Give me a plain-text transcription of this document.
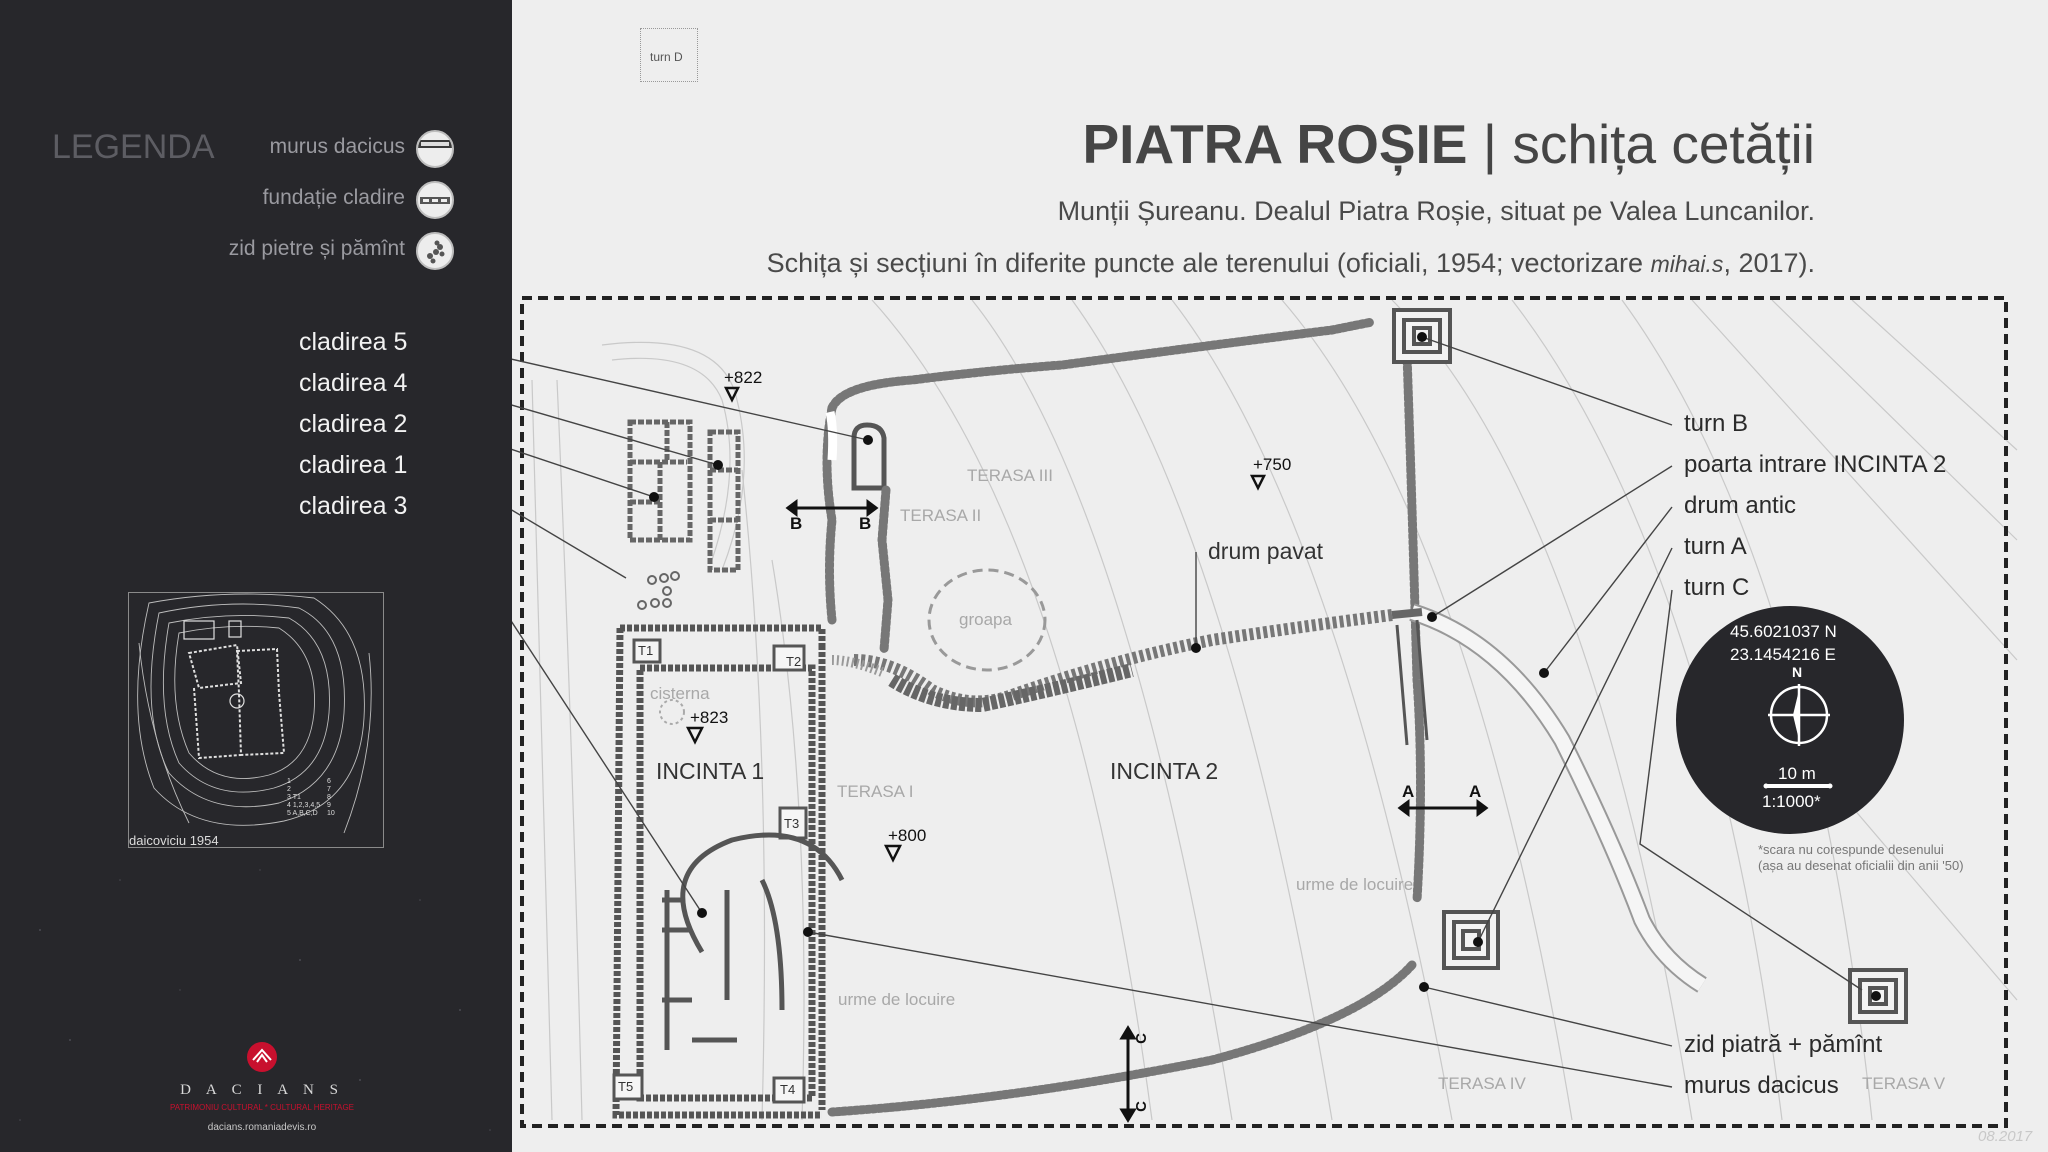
LEGENDA	murus dacicus
fundație cladire
zid pietre și pămînt
cladirea 5
cladirea 4
cladirea 2
cladirea 1
cladirea 3
1
2
3 T1
4 1,2,3,4,5
5 A,B,C,D
6
7
8
9
10
daicoviciu 1954
D A C I A N S
PATRIMONIU CULTURAL * CULTURAL HERITAGE
dacians.romaniadevis.ro
turn D
PIATRA ROȘIE | schița cetății
Munții Șureanu. Dealul Piatra Roșie, situat pe Valea Luncanilor.
Schița și secțiuni în diferite puncte ale terenului (oficiali, 1954; vectorizare mihai.s, 2017).
TERASA III
TERASA II
TERASA I
TERASA IV	TERASA V
+822
+750
+823
+800
INCINTA 1	INCINTA 2
drum pavat
groapa
cisterna
urme de locuire
urme de locuire
B	B
A	A
C
C
T1
T2
T3
T4
T5
turn B
poarta intrare INCINTA 2
drum antic
turn A
turn C
zid piatră + pămînt
murus dacicus
45.6021037 N
23.1454216 E
N
10 m
1:1000*
*scara nu corespunde desenului
(așa au desenat oficialii din anii '50)
08.2017
